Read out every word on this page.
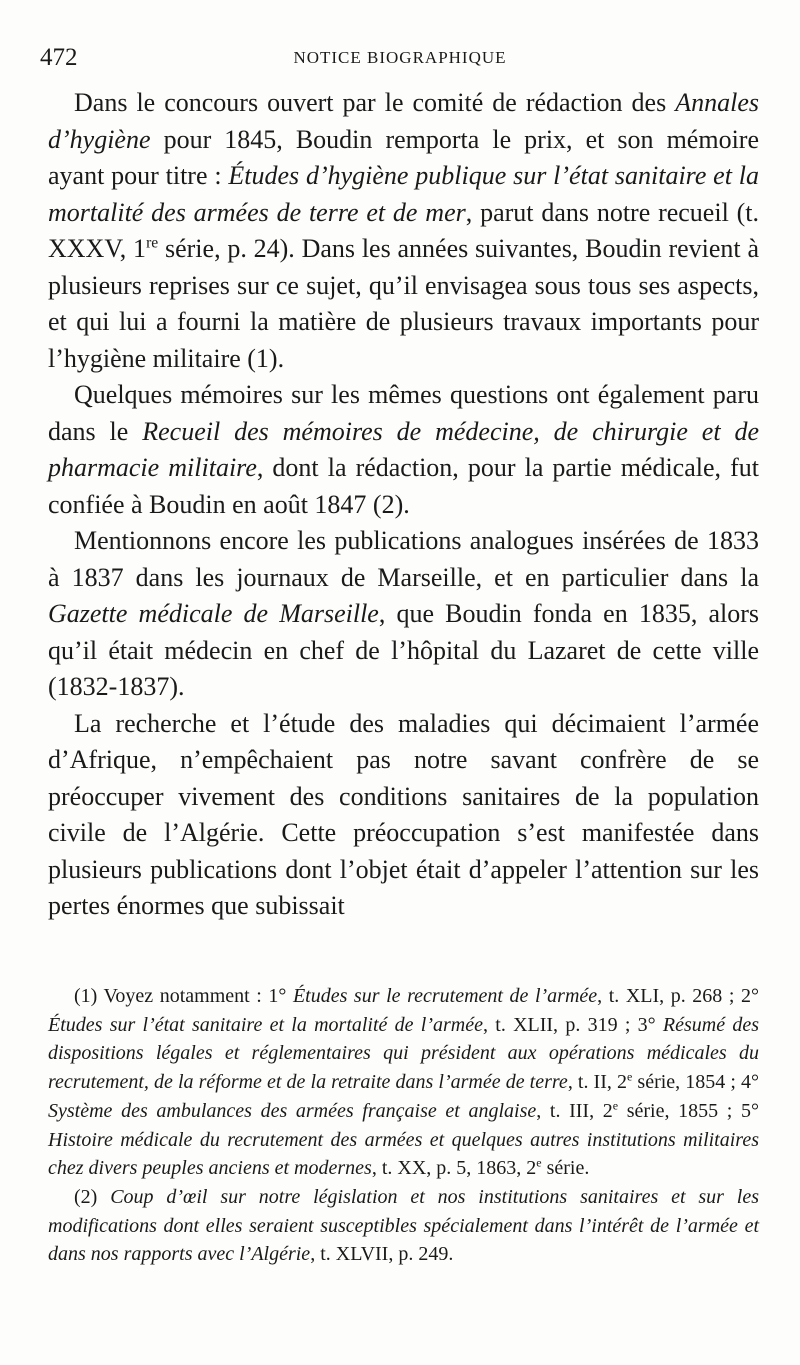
472	NOTICE BIOGRAPHIQUE

Dans le concours ouvert par le comité de rédaction des Annales d’hygiène pour 1845, Boudin remporta le prix, et son mémoire ayant pour titre : Études d’hygiène publique sur l’état sanitaire et la mortalité des armées de terre et de mer, parut dans notre recueil (t. XXXV, 1re série, p. 24). Dans les années suivantes, Boudin revient à plusieurs reprises sur ce sujet, qu’il envisagea sous tous ses aspects, et qui lui a fourni la matière de plusieurs travaux importants pour l’hygiène militaire (1).

Quelques mémoires sur les mêmes questions ont également paru dans le Recueil des mémoires de médecine, de chirurgie et de pharmacie militaire, dont la rédaction, pour la partie médicale, fut confiée à Boudin en août 1847 (2).

Mentionnons encore les publications analogues insérées de 1833 à 1837 dans les journaux de Marseille, et en particulier dans la Gazette médicale de Marseille, que Boudin fonda en 1835, alors qu’il était médecin en chef de l’hôpital du Lazaret de cette ville (1832-1837).

La recherche et l’étude des maladies qui décimaient l’armée d’Afrique, n’empêchaient pas notre savant confrère de se préoccuper vivement des conditions sanitaires de la population civile de l’Algérie. Cette préoccupation s’est manifestée dans plusieurs publications dont l’objet était d’appeler l’attention sur les pertes énormes que subissait

(1) Voyez notamment : 1° Études sur le recrutement de l’armée, t. XLI, p. 268 ; 2° Études sur l’état sanitaire et la mortalité de l’armée, t. XLII, p. 319 ; 3° Résumé des dispositions légales et réglementaires qui président aux opérations médicales du recrutement, de la réforme et de la retraite dans l’armée de terre, t. II, 2e série, 1854 ; 4° Système des ambulances des armées française et anglaise, t. III, 2e série, 1855 ; 5° Histoire médicale du recrutement des armées et quelques autres institutions militaires chez divers peuples anciens et modernes, t. XX, p. 5, 1863, 2e série.

(2) Coup d’œil sur notre législation et nos institutions sanitaires et sur les modifications dont elles seraient susceptibles spécialement dans l’intérêt de l’armée et dans nos rapports avec l’Algérie, t. XLVII, p. 249.
